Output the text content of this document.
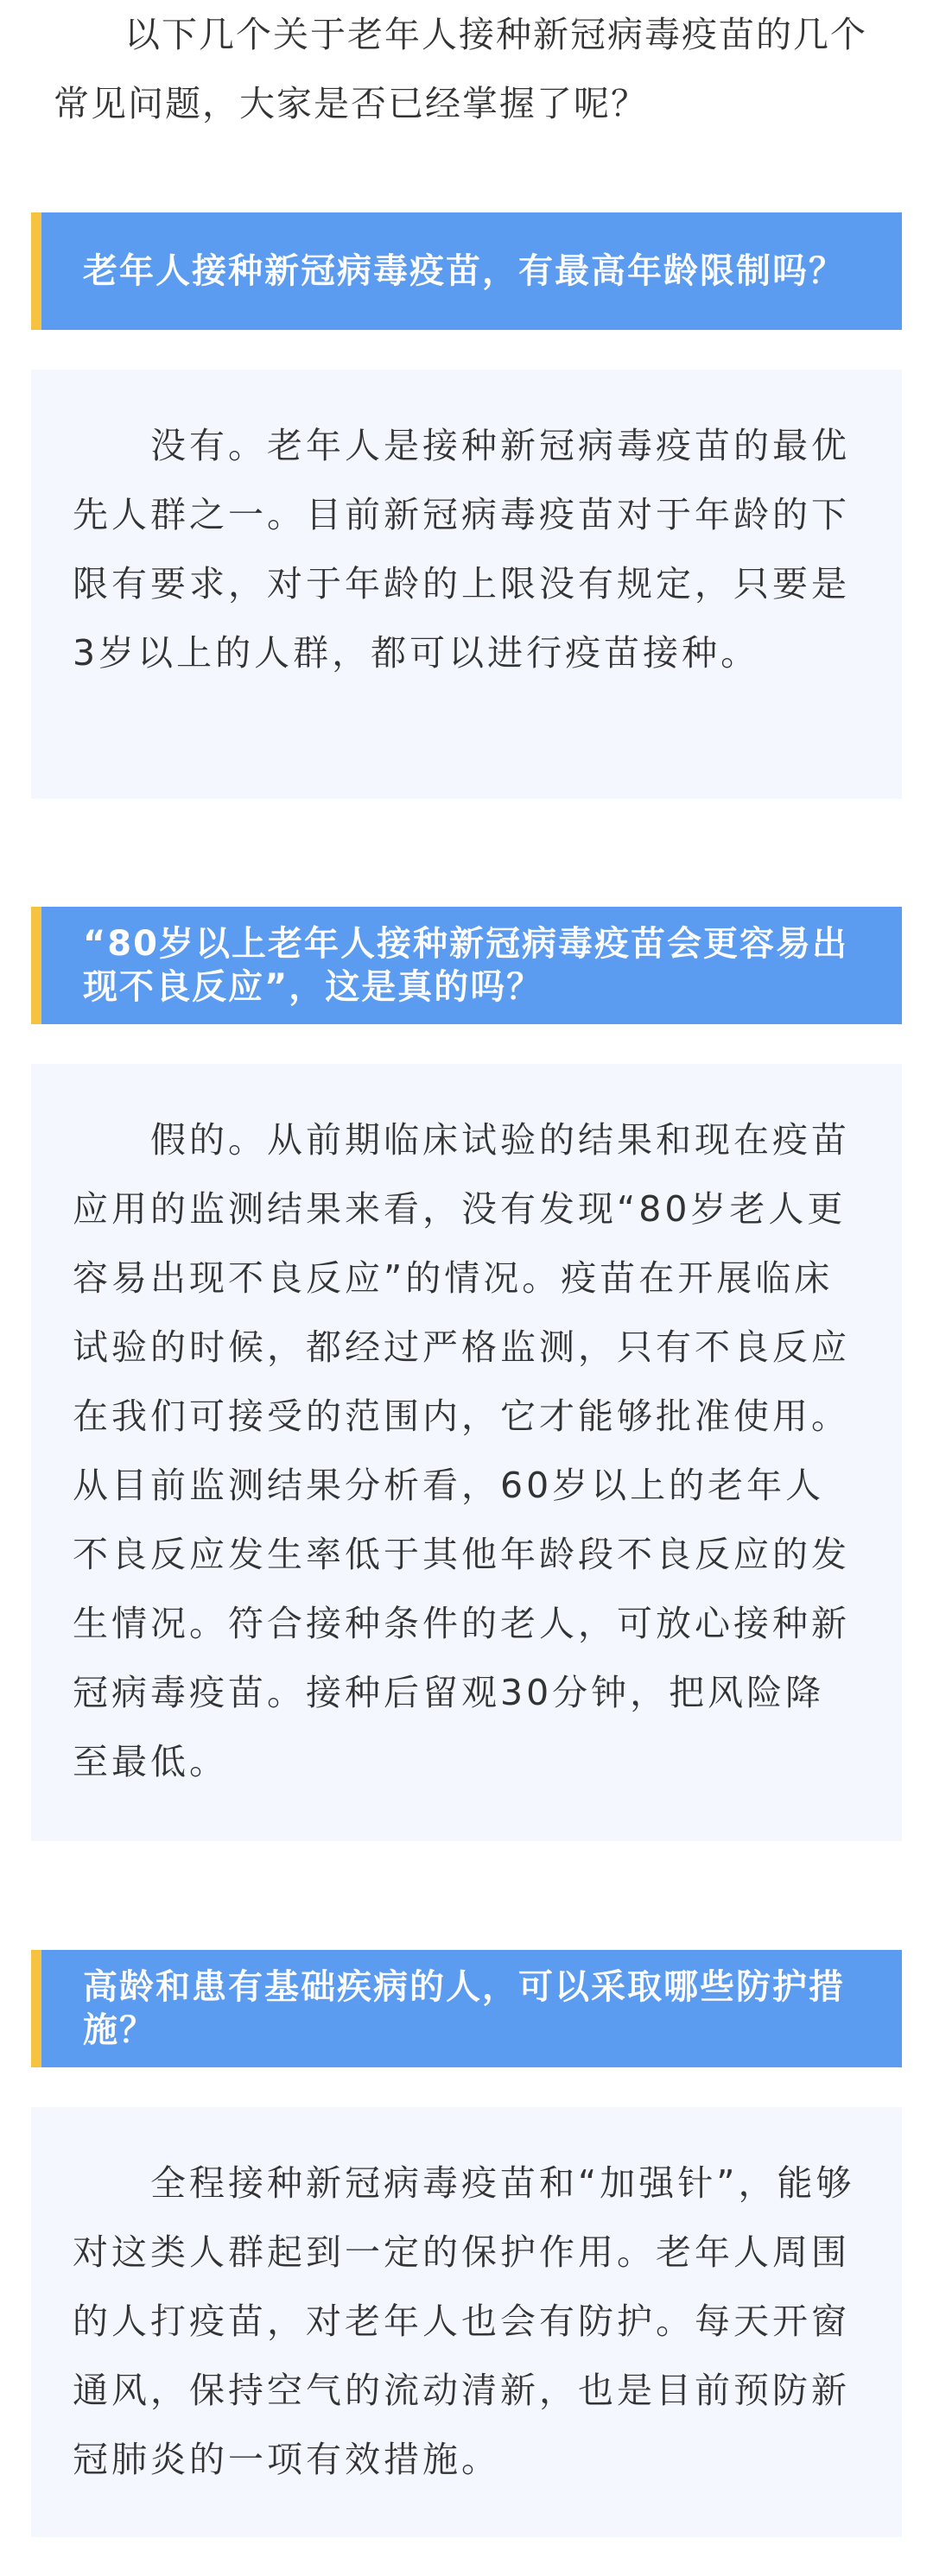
以下几个关于老年人接种新冠病毒疫苗的几个常见问题，大家是否已经掌握了呢？

老年人接种新冠病毒疫苗，有最高年龄限制吗？

没有。老年人是接种新冠病毒疫苗的最优先人群之一。目前新冠病毒疫苗对于年龄的下限有要求，对于年龄的上限没有规定，只要是3岁以上的人群，都可以进行疫苗接种。

“80岁以上老年人接种新冠病毒疫苗会更容易出现不良反应”，这是真的吗？

假的。从前期临床试验的结果和现在疫苗应用的监测结果来看，没有发现“80岁老人更容易出现不良反应”的情况。疫苗在开展临床试验的时候，都经过严格监测，只有不良反应在我们可接受的范围内，它才能够批准使用。从目前监测结果分析看，60岁以上的老年人不良反应发生率低于其他年龄段不良反应的发生情况。符合接种条件的老人，可放心接种新冠病毒疫苗。接种后留观30分钟，把风险降至最低。

高龄和患有基础疾病的人，可以采取哪些防护措施？

全程接种新冠病毒疫苗和“加强针”，能够对这类人群起到一定的保护作用。老年人周围的人打疫苗，对老年人也会有防护。每天开窗通风，保持空气的流动清新，也是目前预防新冠肺炎的一项有效措施。
